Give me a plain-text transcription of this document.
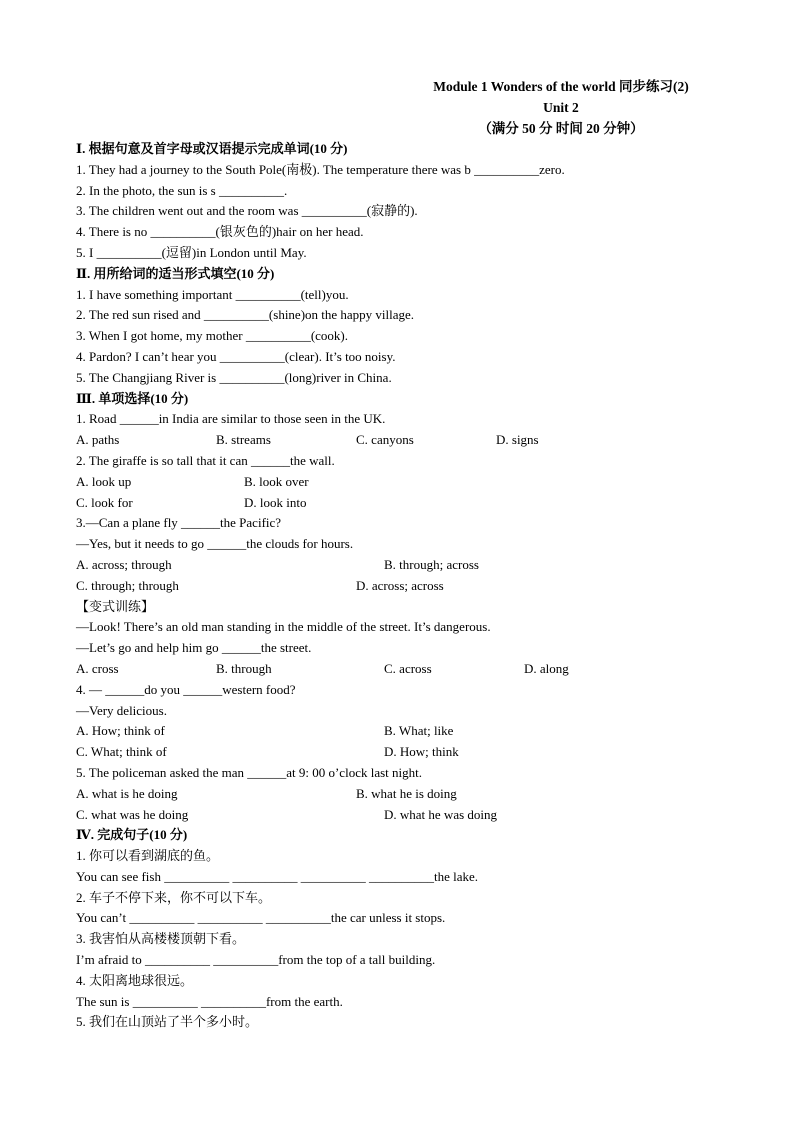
Module 1 Wonders of the world 同步练习(2)
Unit 2
（满分 50 分 时间 20 分钟）
Ⅰ. 根据句意及首字母或汉语提示完成单词(10 分)
1. They had a journey to the South Pole(南极). The temperature there was b __________zero.
2. In the photo, the sun is s __________.
3. The children went out and the room was __________(寂静的).
4. There is no __________(银灰色的)hair on her head.
5. I __________(逗留)in London until May.
Ⅱ. 用所给词的适当形式填空(10 分)
1. I have something important __________(tell)you.
2. The red sun rised and __________(shine)on the happy village.
3. When I got home, my mother __________(cook).
4. Pardon? I can’t hear you __________(clear). It’s too noisy.
5. The Changjiang River is __________(long)river in China.
Ⅲ. 单项选择(10 分)
1. Road ______in India are similar to those seen in the UK.
A. paths	B. streams	C. canyons	D. signs
2. The giraffe is so tall that it can ______the wall.
A. look up	B. look over
C. look for	D. look into
3.—Can a plane fly ______the Pacific?
—Yes, but it needs to go ______the clouds for hours.
A. across; through	B. through; across
C. through; through	D. across; across
【变式训练】
—Look! There’s an old man standing in the middle of the street. It’s dangerous.
—Let’s go and help him go ______the street.
A. cross	B. through	C. across	D. along
4. — ______do you ______western food?
—Very delicious.
A. How; think of	B. What; like
C. What; think of	D. How; think
5. The policeman asked the man ______at 9: 00 o’clock last night.
A. what is he doing	B. what he is doing
C. what was he doing	D. what he was doing
Ⅳ. 完成句子(10 分)
1. 你可以看到湖底的鱼。
You can see fish __________ __________ __________ __________the lake.
2. 车子不停下来，你不可以下车。
You can’t __________ __________ __________the car unless it stops.
3. 我害怕从高楼楼顶朝下看。
I’m afraid to __________ __________from the top of a tall building.
4. 太阳离地球很远。
The sun is __________ __________from the earth.
5. 我们在山顶站了半个多小时。
